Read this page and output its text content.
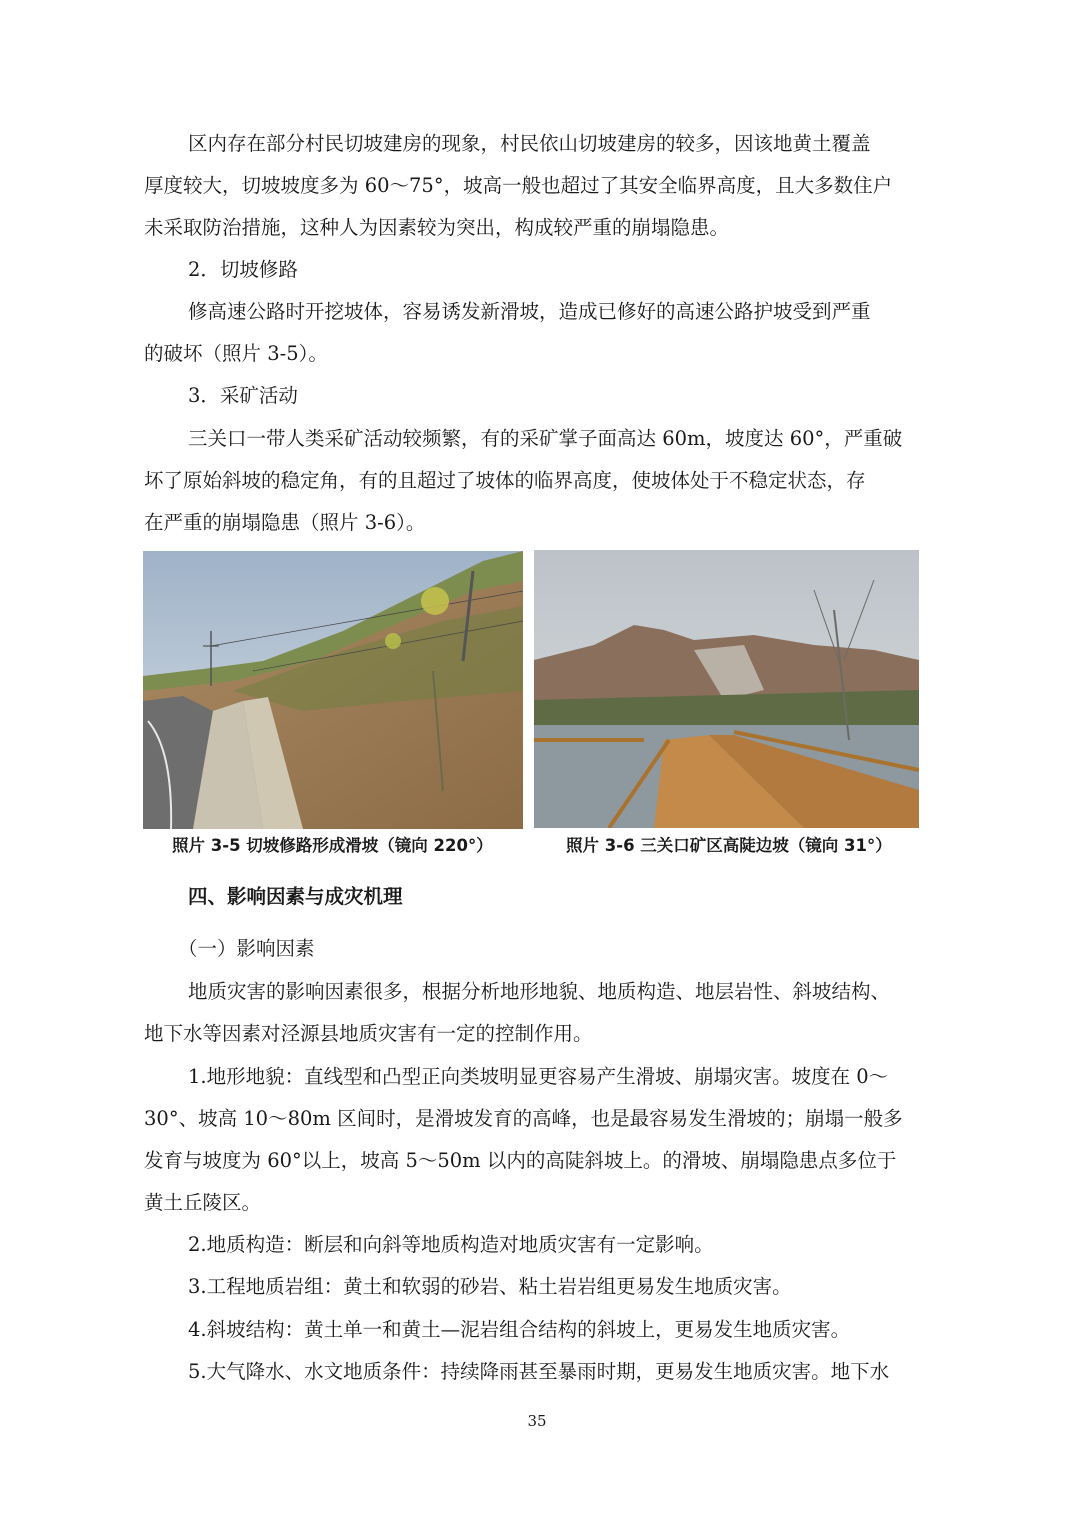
区内存在部分村民切坡建房的现象，村民依山切坡建房的较多，因该地黄土覆盖
厚度较大，切坡坡度多为 60～75°，坡高一般也超过了其安全临界高度，且大多数住户
未采取防治措施，这种人为因素较为突出，构成较严重的崩塌隐患。
2．切坡修路
修高速公路时开挖坡体，容易诱发新滑坡，造成已修好的高速公路护坡受到严重
的破坏（照片 3-5）。
3．采矿活动
三关口一带人类采矿活动较频繁，有的采矿掌子面高达 60m，坡度达 60°，严重破
坏了原始斜坡的稳定角，有的且超过了坡体的临界高度，使坡体处于不稳定状态，存
在严重的崩塌隐患（照片 3-6）。
照片 3-5 切坡修路形成滑坡（镜向 220°）	照片 3-6 三关口矿区高陡边坡（镜向 31°）
四、影响因素与成灾机理
（一）影响因素
地质灾害的影响因素很多，根据分析地形地貌、地质构造、地层岩性、斜坡结构、
地下水等因素对泾源县地质灾害有一定的控制作用。
1.地形地貌：直线型和凸型正向类坡明显更容易产生滑坡、崩塌灾害。坡度在 0～
30°、坡高 10～80m 区间时，是滑坡发育的高峰，也是最容易发生滑坡的；崩塌一般多
发育与坡度为 60°以上，坡高 5～50m 以内的高陡斜坡上。的滑坡、崩塌隐患点多位于
黄土丘陵区。
2.地质构造：断层和向斜等地质构造对地质灾害有一定影响。
3.工程地质岩组：黄土和软弱的砂岩、粘土岩岩组更易发生地质灾害。
4.斜坡结构：黄土单一和黄土—泥岩组合结构的斜坡上，更易发生地质灾害。
5.大气降水、水文地质条件：持续降雨甚至暴雨时期，更易发生地质灾害。地下水
35
